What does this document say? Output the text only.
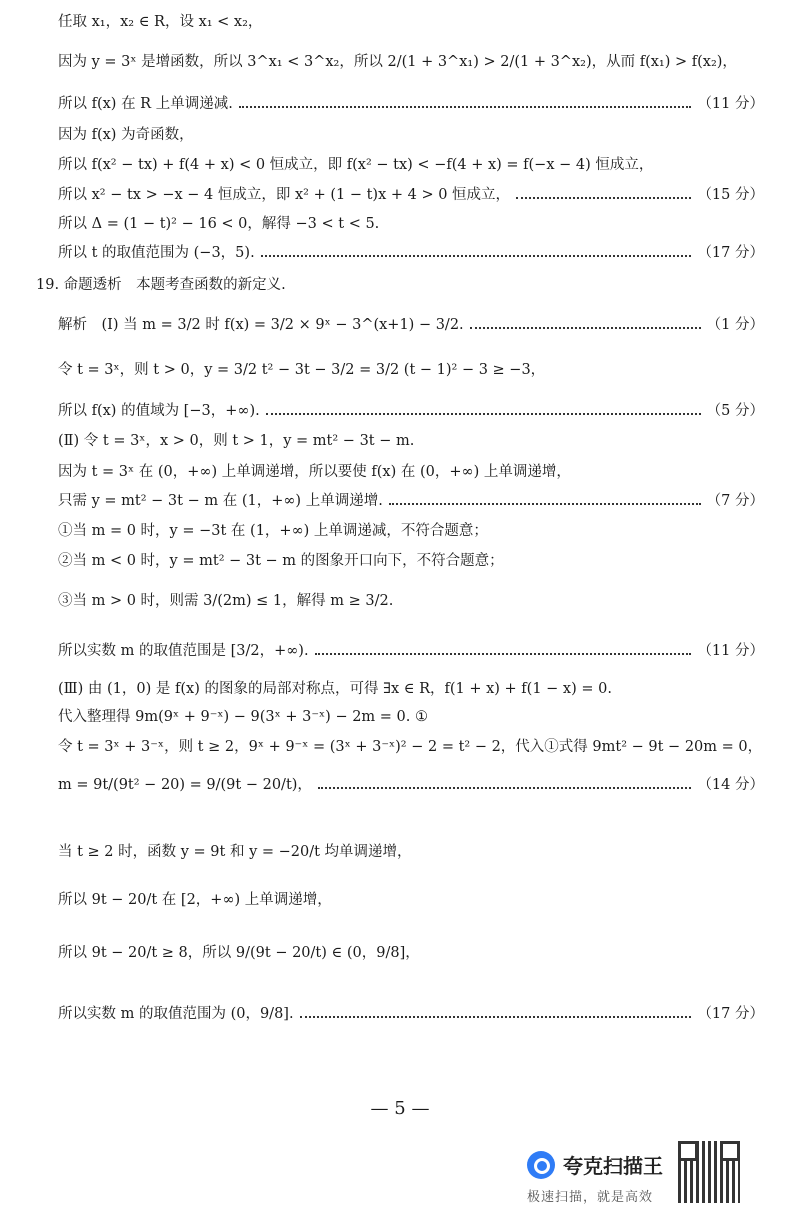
任取 x₁，x₂ ∈ R，设 x₁ < x₂，
因为 y = 3ˣ 是增函数，所以 3^x₁ < 3^x₂，所以 2/(1 + 3^x₁) > 2/(1 + 3^x₂)，从而 f(x₁) > f(x₂)，
所以 f(x) 在 R 上单调递减.	（11 分）
因为 f(x) 为奇函数，
所以 f(x² − tx) + f(4 + x) < 0 恒成立，即 f(x² − tx) < −f(4 + x) = f(−x − 4) 恒成立，
所以 x² − tx > −x − 4 恒成立，即 x² + (1 − t)x + 4 > 0 恒成立，	（15 分）
所以 Δ = (1 − t)² − 16 < 0，解得 −3 < t < 5.
所以 t 的取值范围为 (−3，5).	（17 分）
19. 命题透析　本题考查函数的新定义.
解析　(Ⅰ) 当 m = 3/2 时 f(x) = 3/2 × 9ˣ − 3^(x+1) − 3/2.	（1 分）
令 t = 3ˣ，则 t > 0，y = 3/2 t² − 3t − 3/2 = 3/2 (t − 1)² − 3 ≥ −3，
所以 f(x) 的值域为 [−3，+∞).	（5 分）
(Ⅱ) 令 t = 3ˣ，x > 0，则 t > 1，y = mt² − 3t − m.
因为 t = 3ˣ 在 (0，+∞) 上单调递增，所以要使 f(x) 在 (0，+∞) 上单调递增，
只需 y = mt² − 3t − m 在 (1，+∞) 上单调递增.	（7 分）
①当 m = 0 时，y = −3t 在 (1，+∞) 上单调递减，不符合题意；
②当 m < 0 时，y = mt² − 3t − m 的图象开口向下，不符合题意；
③当 m > 0 时，则需 3/(2m) ≤ 1，解得 m ≥ 3/2.
所以实数 m 的取值范围是 [3/2，+∞).	（11 分）
(Ⅲ) 由 (1，0) 是 f(x) 的图象的局部对称点，可得 ∃x ∈ R，f(1 + x) + f(1 − x) = 0.
代入整理得 9m(9ˣ + 9⁻ˣ) − 9(3ˣ + 3⁻ˣ) − 2m = 0. ①
令 t = 3ˣ + 3⁻ˣ，则 t ≥ 2，9ˣ + 9⁻ˣ = (3ˣ + 3⁻ˣ)² − 2 = t² − 2，代入①式得 9mt² − 9t − 20m = 0，
m = 9t/(9t² − 20) = 9/(9t − 20/t)，	（14 分）
当 t ≥ 2 时，函数 y = 9t 和 y = −20/t 均单调递增，
所以 9t − 20/t 在 [2，+∞) 上单调递增，
所以 9t − 20/t ≥ 8，所以 9/(9t − 20/t) ∈ (0，9/8]，
所以实数 m 的取值范围为 (0，9/8].	（17 分）
— 5 —
夸克扫描王
极速扫描，就是高效
